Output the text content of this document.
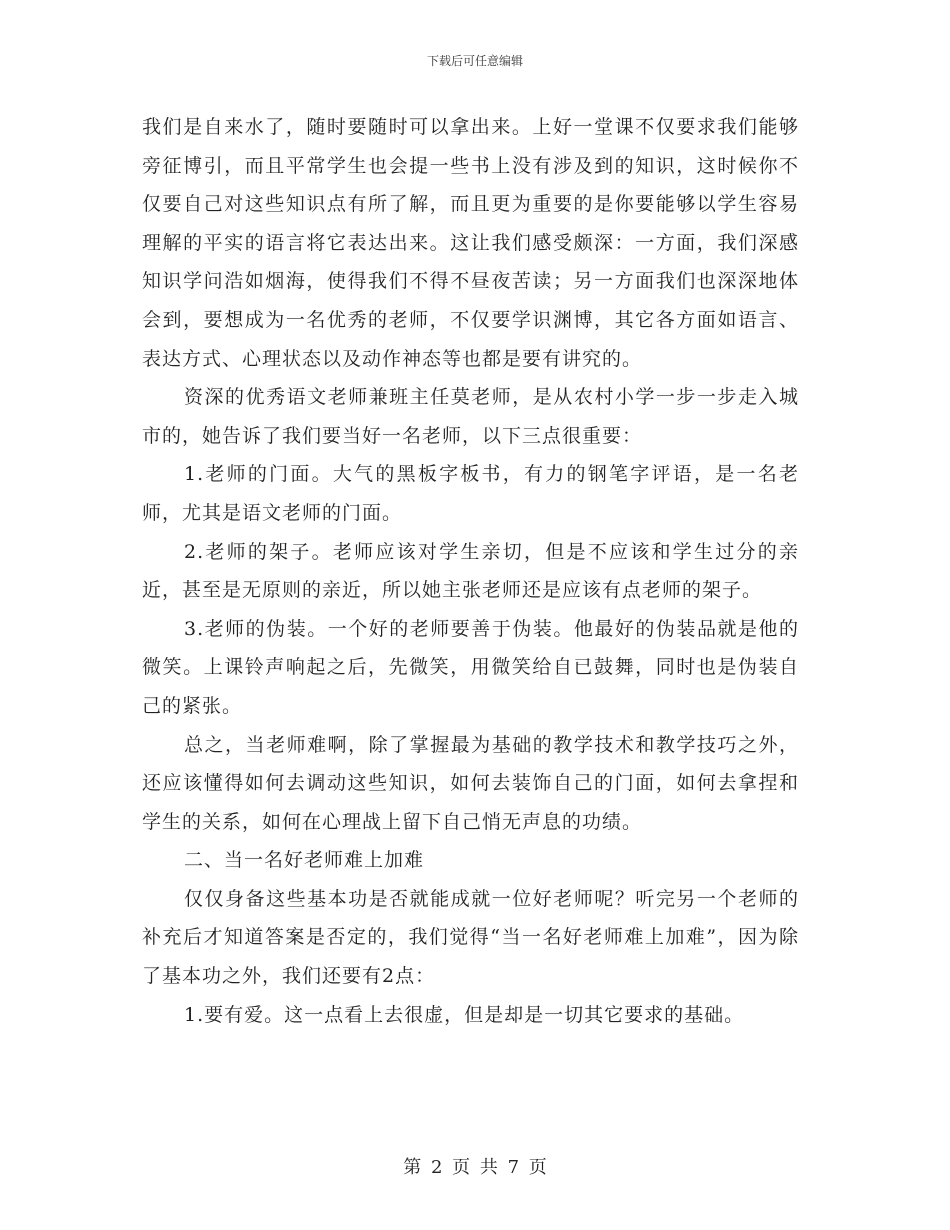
下载后可任意编辑

我们是自来水了，随时要随时可以拿出来。上好一堂课不仅要求我们能够旁征博引，而且平常学生也会提一些书上没有涉及到的知识，这时候你不仅要自己对这些知识点有所了解，而且更为重要的是你要能够以学生容易理解的平实的语言将它表达出来。这让我们感受颇深：一方面，我们深感知识学问浩如烟海，使得我们不得不昼夜苦读；另一方面我们也深深地体会到，要想成为一名优秀的老师，不仅要学识渊博，其它各方面如语言、表达方式、心理状态以及动作神态等也都是要有讲究的。

资深的优秀语文老师兼班主任莫老师，是从农村小学一步一步走入城市的，她告诉了我们要当好一名老师，以下三点很重要：

1.老师的门面。大气的黑板字板书，有力的钢笔字评语，是一名老师，尤其是语文老师的门面。

2.老师的架子。老师应该对学生亲切，但是不应该和学生过分的亲近，甚至是无原则的亲近，所以她主张老师还是应该有点老师的架子。

3.老师的伪装。一个好的老师要善于伪装。他最好的伪装品就是他的微笑。上课铃声响起之后，先微笑，用微笑给自已鼓舞，同时也是伪装自己的紧张。

总之，当老师难啊，除了掌握最为基础的教学技术和教学技巧之外，还应该懂得如何去调动这些知识，如何去装饰自己的门面，如何去拿捏和学生的关系，如何在心理战上留下自己悄无声息的功绩。

二、当一名好老师难上加难

仅仅身备这些基本功是否就能成就一位好老师呢？听完另一个老师的补充后才知道答案是否定的，我们觉得“当一名好老师难上加难”，因为除了基本功之外，我们还要有2点：

1.要有爱。这一点看上去很虚，但是却是一切其它要求的基础。

第 2 页 共 7 页
